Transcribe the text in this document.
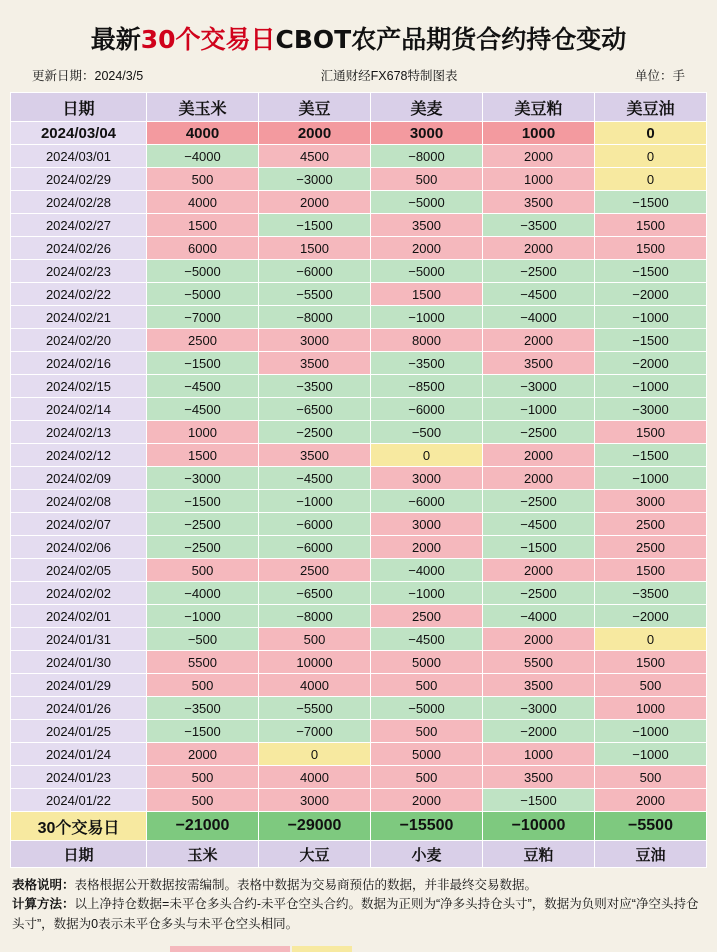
最新30个交易日CBOT农产品期货合约持仓变动
更新日期：2024/3/5	汇通财经FX678特制图表	单位：手
日期	美玉米	美豆	美麦	美豆粕	美豆油
2024/03/04	4000	2000	3000	1000	0
2024/03/01	−4000	4500	−8000	2000	0
2024/02/29	500	−3000	500	1000	0
2024/02/28	4000	2000	−5000	3500	−1500
2024/02/27	1500	−1500	3500	−3500	1500
2024/02/26	6000	1500	2000	2000	1500
2024/02/23	−5000	−6000	−5000	−2500	−1500
2024/02/22	−5000	−5500	1500	−4500	−2000
2024/02/21	−7000	−8000	−1000	−4000	−1000
2024/02/20	2500	3000	8000	2000	−1500
2024/02/16	−1500	3500	−3500	3500	−2000
2024/02/15	−4500	−3500	−8500	−3000	−1000
2024/02/14	−4500	−6500	−6000	−1000	−3000
2024/02/13	1000	−2500	−500	−2500	1500
2024/02/12	1500	3500	0	2000	−1500
2024/02/09	−3000	−4500	3000	2000	−1000
2024/02/08	−1500	−1000	−6000	−2500	3000
2024/02/07	−2500	−6000	3000	−4500	2500
2024/02/06	−2500	−6000	2000	−1500	2500
2024/02/05	500	2500	−4000	2000	1500
2024/02/02	−4000	−6500	−1000	−2500	−3500
2024/02/01	−1000	−8000	2500	−4000	−2000
2024/01/31	−500	500	−4500	2000	0
2024/01/30	5500	10000	5000	5500	1500
2024/01/29	500	4000	500	3500	500
2024/01/26	−3500	−5500	−5000	−3000	1000
2024/01/25	−1500	−7000	500	−2000	−1000
2024/01/24	2000	0	5000	1000	−1000
2024/01/23	500	4000	500	3500	500
2024/01/22	500	3000	2000	−1500	2000
30个交易日	−21000	−29000	−15500	−10000	−5500
日期	玉米	大豆	小麦	豆粕	豆油
表格说明：表格根据公开数据按需编制。表格中数据为交易商预估的数据，并非最终交易数据。
计算方法：以上净持仓数据=未平仓多头合约-未平仓空头合约。数据为正则为“净多头持仓头寸”，数据为负则对应“净空头持仓头寸”，数据为0表示未平仓多头与未平仓空头相同。
